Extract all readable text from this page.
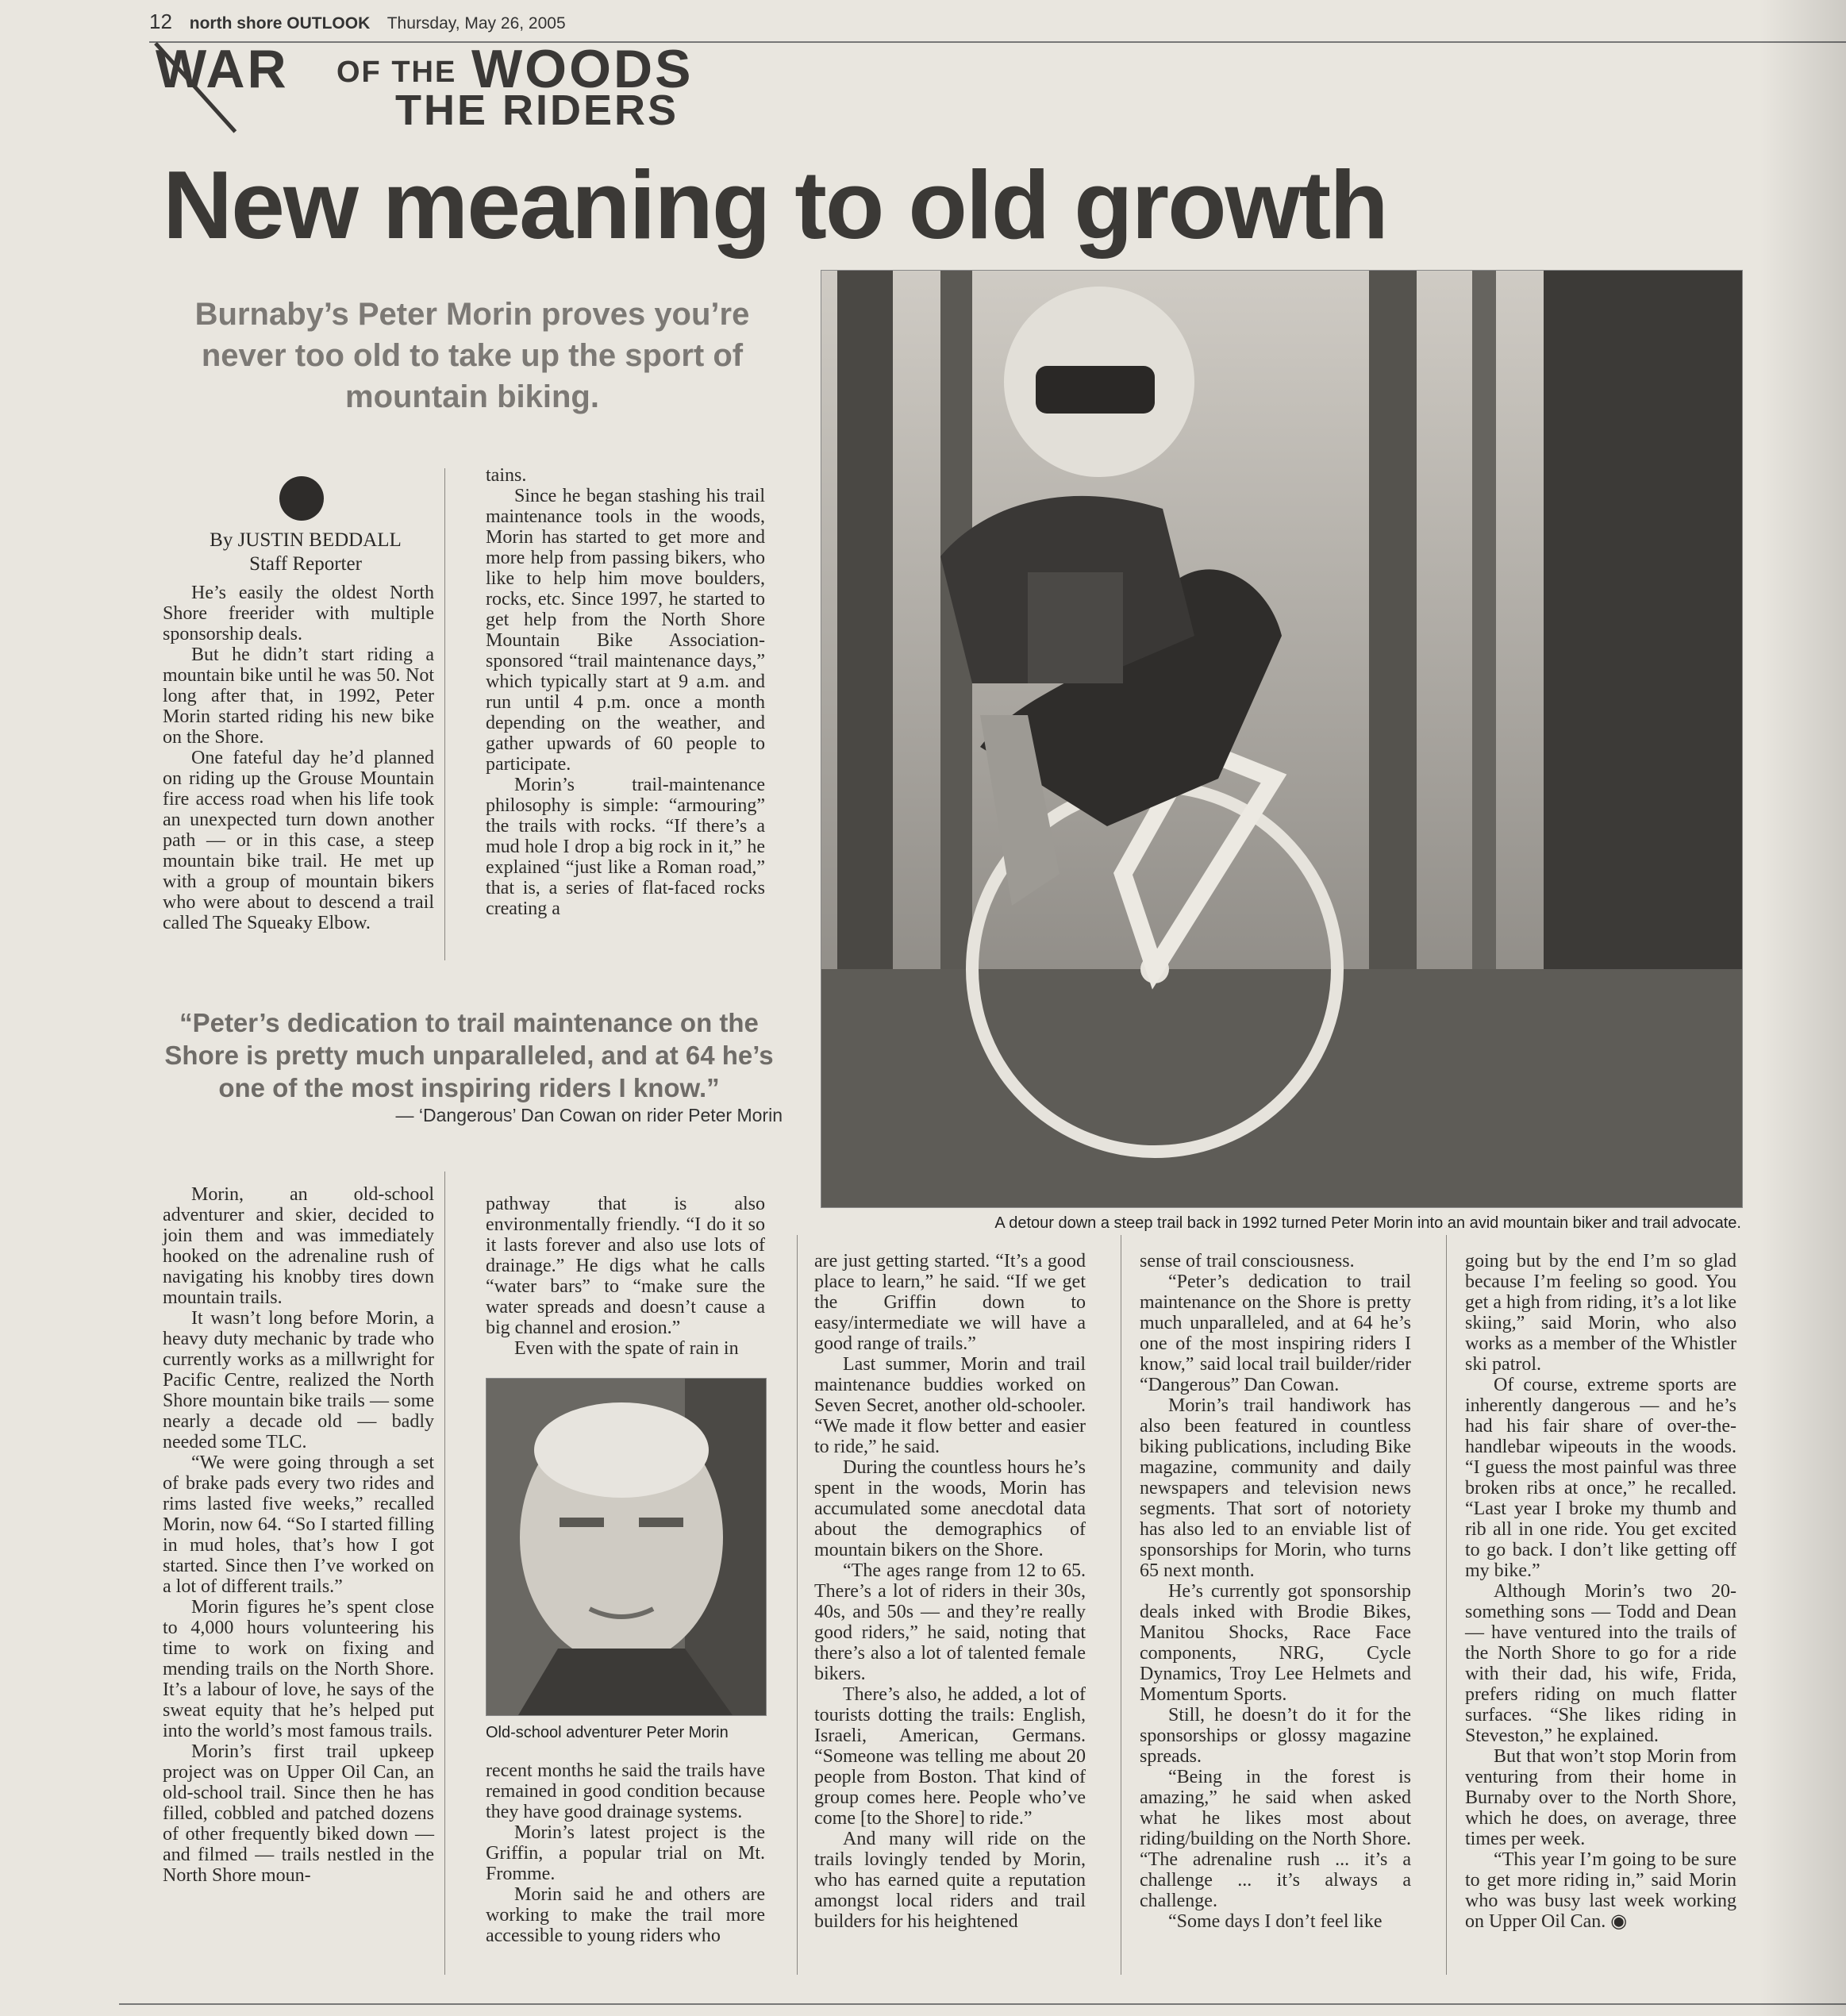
12 north shore OUTLOOK Thursday, May 26, 2005
WAR OF THE WOODS
THE RIDERS
New meaning to old growth
Burnaby’s Peter Morin proves you’re never too old to take up the sport of mountain biking.
By JUSTIN BEDDALL
Staff Reporter

He’s easily the oldest North Shore freerider with multiple sponsorship deals.

But he didn’t start riding a mountain bike until he was 50. Not long after that, in 1992, Peter Morin started riding his new bike on the Shore.

One fateful day he’d planned on riding up the Grouse Mountain fire access road when his life took an unexpected turn down another path — or in this case, a steep mountain bike trail. He met up with a group of mountain bikers who were about to descend a trail called The Squeaky Elbow.

tains.

Since he began stashing his trail maintenance tools in the woods, Morin has started to get more and more help from passing bikers, who like to help him move boulders, rocks, etc. Since 1997, he started to get help from the North Shore Mountain Bike Association-sponsored “trail maintenance days,” which typically start at 9 a.m. and run until 4 p.m. once a month depending on the weather, and gather upwards of 60 people to participate.

Morin’s trail-maintenance philosophy is simple: “armouring” the trails with rocks. “If there’s a mud hole I drop a big rock in it,” he explained “just like a Roman road,” that is, a series of flat-faced rocks creating a

“Peter’s dedication to trail maintenance on the Shore is pretty much unparalleled, and at 64 he’s one of the most inspiring riders I know.”
— ‘Dangerous’ Dan Cowan on rider Peter Morin
A detour down a steep trail back in 1992 turned Peter Morin into an avid mountain biker and trail advocate.

Morin, an old-school adventurer and skier, decided to join them and was immediately hooked on the adrenaline rush of navigating his knobby tires down mountain trails.

It wasn’t long before Morin, a heavy duty mechanic by trade who currently works as a millwright for Pacific Centre, realized the North Shore mountain bike trails — some nearly a decade old — badly needed some TLC.

“We were going through a set of brake pads every two rides and rims lasted five weeks,” recalled Morin, now 64. “So I started filling in mud holes, that’s how I got started. Since then I’ve worked on a lot of different trails.”

Morin figures he’s spent close to 4,000 hours volunteering his time to work on fixing and mending trails on the North Shore. It’s a labour of love, he says of the sweat equity that he’s helped put into the world’s most famous trails.

Morin’s first trail upkeep project was on Upper Oil Can, an old-school trail. Since then he has filled, cobbled and patched dozens of other frequently biked down — and filmed — trails nestled in the North Shore moun-

pathway that is also environmentally friendly. “I do it so it lasts forever and also use lots of drainage.” He digs what he calls “water bars” to “make sure the water spreads and doesn’t cause a big channel and erosion.”

Even with the spate of rain in

Old-school adventurer Peter Morin

recent months he said the trails have remained in good condition because they have good drainage systems.

Morin’s latest project is the Griffin, a popular trial on Mt. Fromme.

Morin said he and others are working to make the trail more accessible to young riders who

are just getting started. “It’s a good place to learn,” he said. “If we get the Griffin down to easy/intermediate we will have a good range of trails.”

Last summer, Morin and trail maintenance buddies worked on Seven Secret, another old-schooler. “We made it flow better and easier to ride,” he said.

During the countless hours he’s spent in the woods, Morin has accumulated some anecdotal data about the demographics of mountain bikers on the Shore.

“The ages range from 12 to 65. There’s a lot of riders in their 30s, 40s, and 50s — and they’re really good riders,” he said, noting that there’s also a lot of talented female bikers.

There’s also, he added, a lot of tourists dotting the trails: English, Israeli, American, Germans. “Someone was telling me about 20 people from Boston. That kind of group comes here. People who’ve come [to the Shore] to ride.”

And many will ride on the trails lovingly tended by Morin, who has earned quite a reputation amongst local riders and trail builders for his heightened

sense of trail consciousness.

“Peter’s dedication to trail maintenance on the Shore is pretty much unparalleled, and at 64 he’s one of the most inspiring riders I know,” said local trail builder/rider “Dangerous” Dan Cowan.

Morin’s trail handiwork has also been featured in countless biking publications, including Bike magazine, community and daily newspapers and television news segments. That sort of notoriety has also led to an enviable list of sponsorships for Morin, who turns 65 next month.

He’s currently got sponsorship deals inked with Brodie Bikes, Manitou Shocks, Race Face components, NRG, Cycle Dynamics, Troy Lee Helmets and Momentum Sports.

Still, he doesn’t do it for the sponsorships or glossy magazine spreads.

“Being in the forest is amazing,” he said when asked what he likes most about riding/building on the North Shore. “The adrenaline rush ... it’s a challenge ... it’s always a challenge.

“Some days I don’t feel like

going but by the end I’m so glad because I’m feeling so good. You get a high from riding, it’s a lot like skiing,” said Morin, who also works as a member of the Whistler ski patrol.

Of course, extreme sports are inherently dangerous — and he’s had his fair share of over-the-handlebar wipeouts in the woods. “I guess the most painful was three broken ribs at once,” he recalled. “Last year I broke my thumb and rib all in one ride. You get excited to go back. I don’t like getting off my bike.”

Although Morin’s two 20-something sons — Todd and Dean— have ventured into the trails of the North Shore to go for a ride with their dad, his wife, Frida, prefers riding on much flatter surfaces. “She likes riding in Steveston,” he explained.

But that won’t stop Morin from venturing from their home in Burnaby over to the North Shore, which he does, on average, three times per week.

“This year I’m going to be sure to get more riding in,” said Morin who was busy last week working on Upper Oil Can. ◉
